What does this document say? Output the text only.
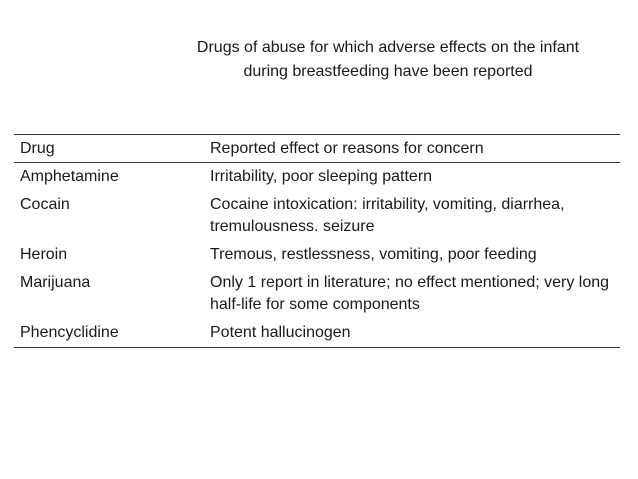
Drugs of abuse for which adverse effects on the infant
during breastfeeding have been reported
Drug	Reported effect or reasons for concern
Amphetamine	Irritability, poor sleeping pattern
Cocain	Cocaine intoxication: irritability, vomiting, diarrhea, tremulousness. seizure
Heroin	Tremous, restlessness, vomiting, poor feeding
Marijuana	Only 1 report in literature; no effect mentioned; very long half-life for some components
Phencyclidine	Potent hallucinogen
